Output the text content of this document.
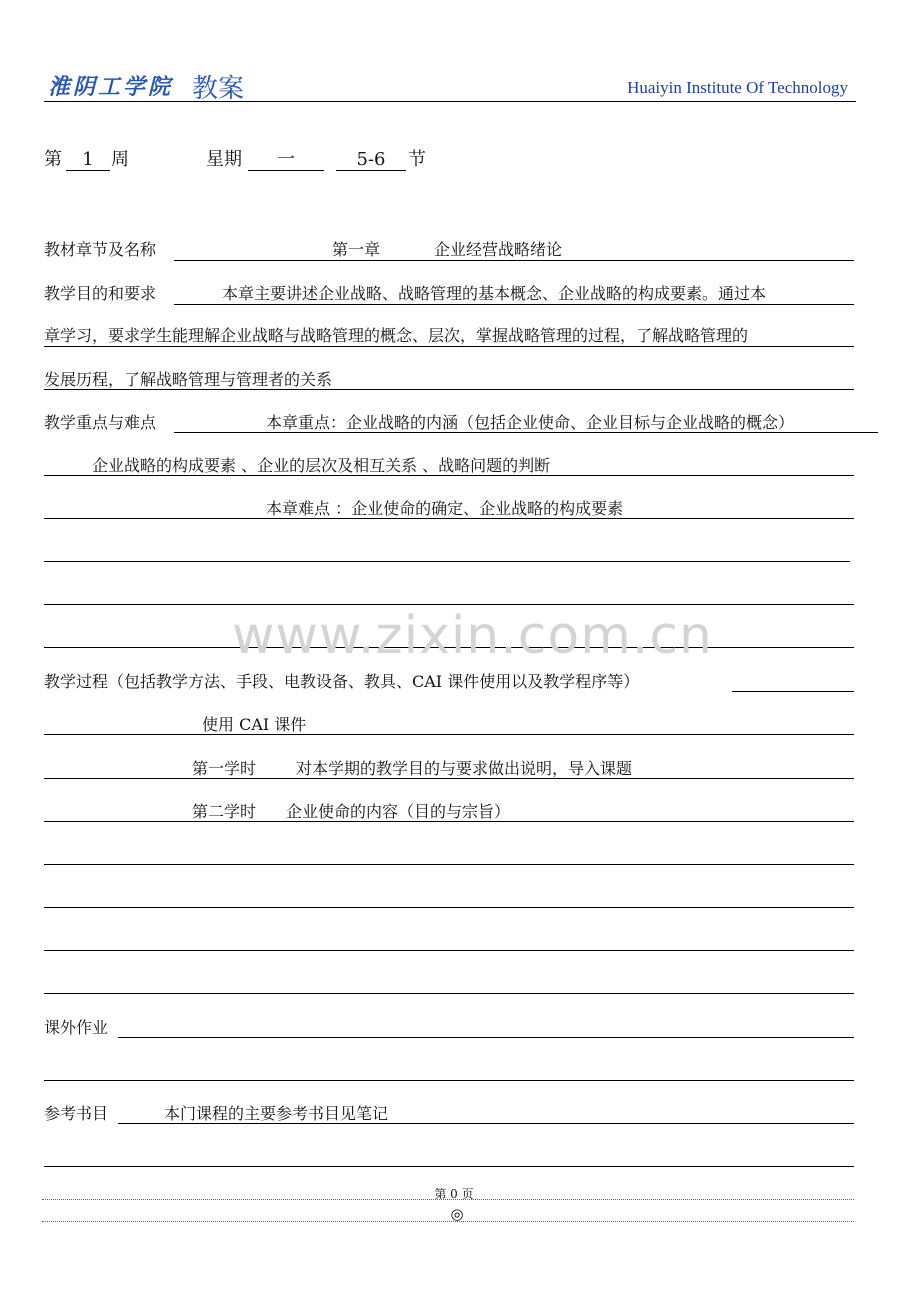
淮阴工学院 教案	Huaiyin Institute Of Technology
第	1 周	星期	一	5-6	节
教材章节及名称	第一章	企业经营战略绪论
教学目的和要求	本章主要讲述企业战略、战略管理的基本概念、企业战略的构成要素。通过本
章学习，要求学生能理解企业战略与战略管理的概念、层次，掌握战略管理的过程，了解战略管理的
发展历程，了解战略管理与管理者的关系
教学重点与难点	本章重点：企业战略的内涵（包括企业使命、企业目标与企业战略的概念）
企业战略的构成要素 、企业的层次及相互关系 、战略问题的判断
本章难点 ：企业使命的确定、企业战略的构成要素
www.zixin.com.cn
教学过程（包括教学方法、手段、电教设备、教具、CAI 课件使用以及教学程序等）
使用 CAI 课件
第一学时 对本学期的教学目的与要求做出说明，导入课题
第二学时 企业使命的内容（目的与宗旨）
课外作业
参考书目	本门课程的主要参考书目见笔记
第 0 页
◎
